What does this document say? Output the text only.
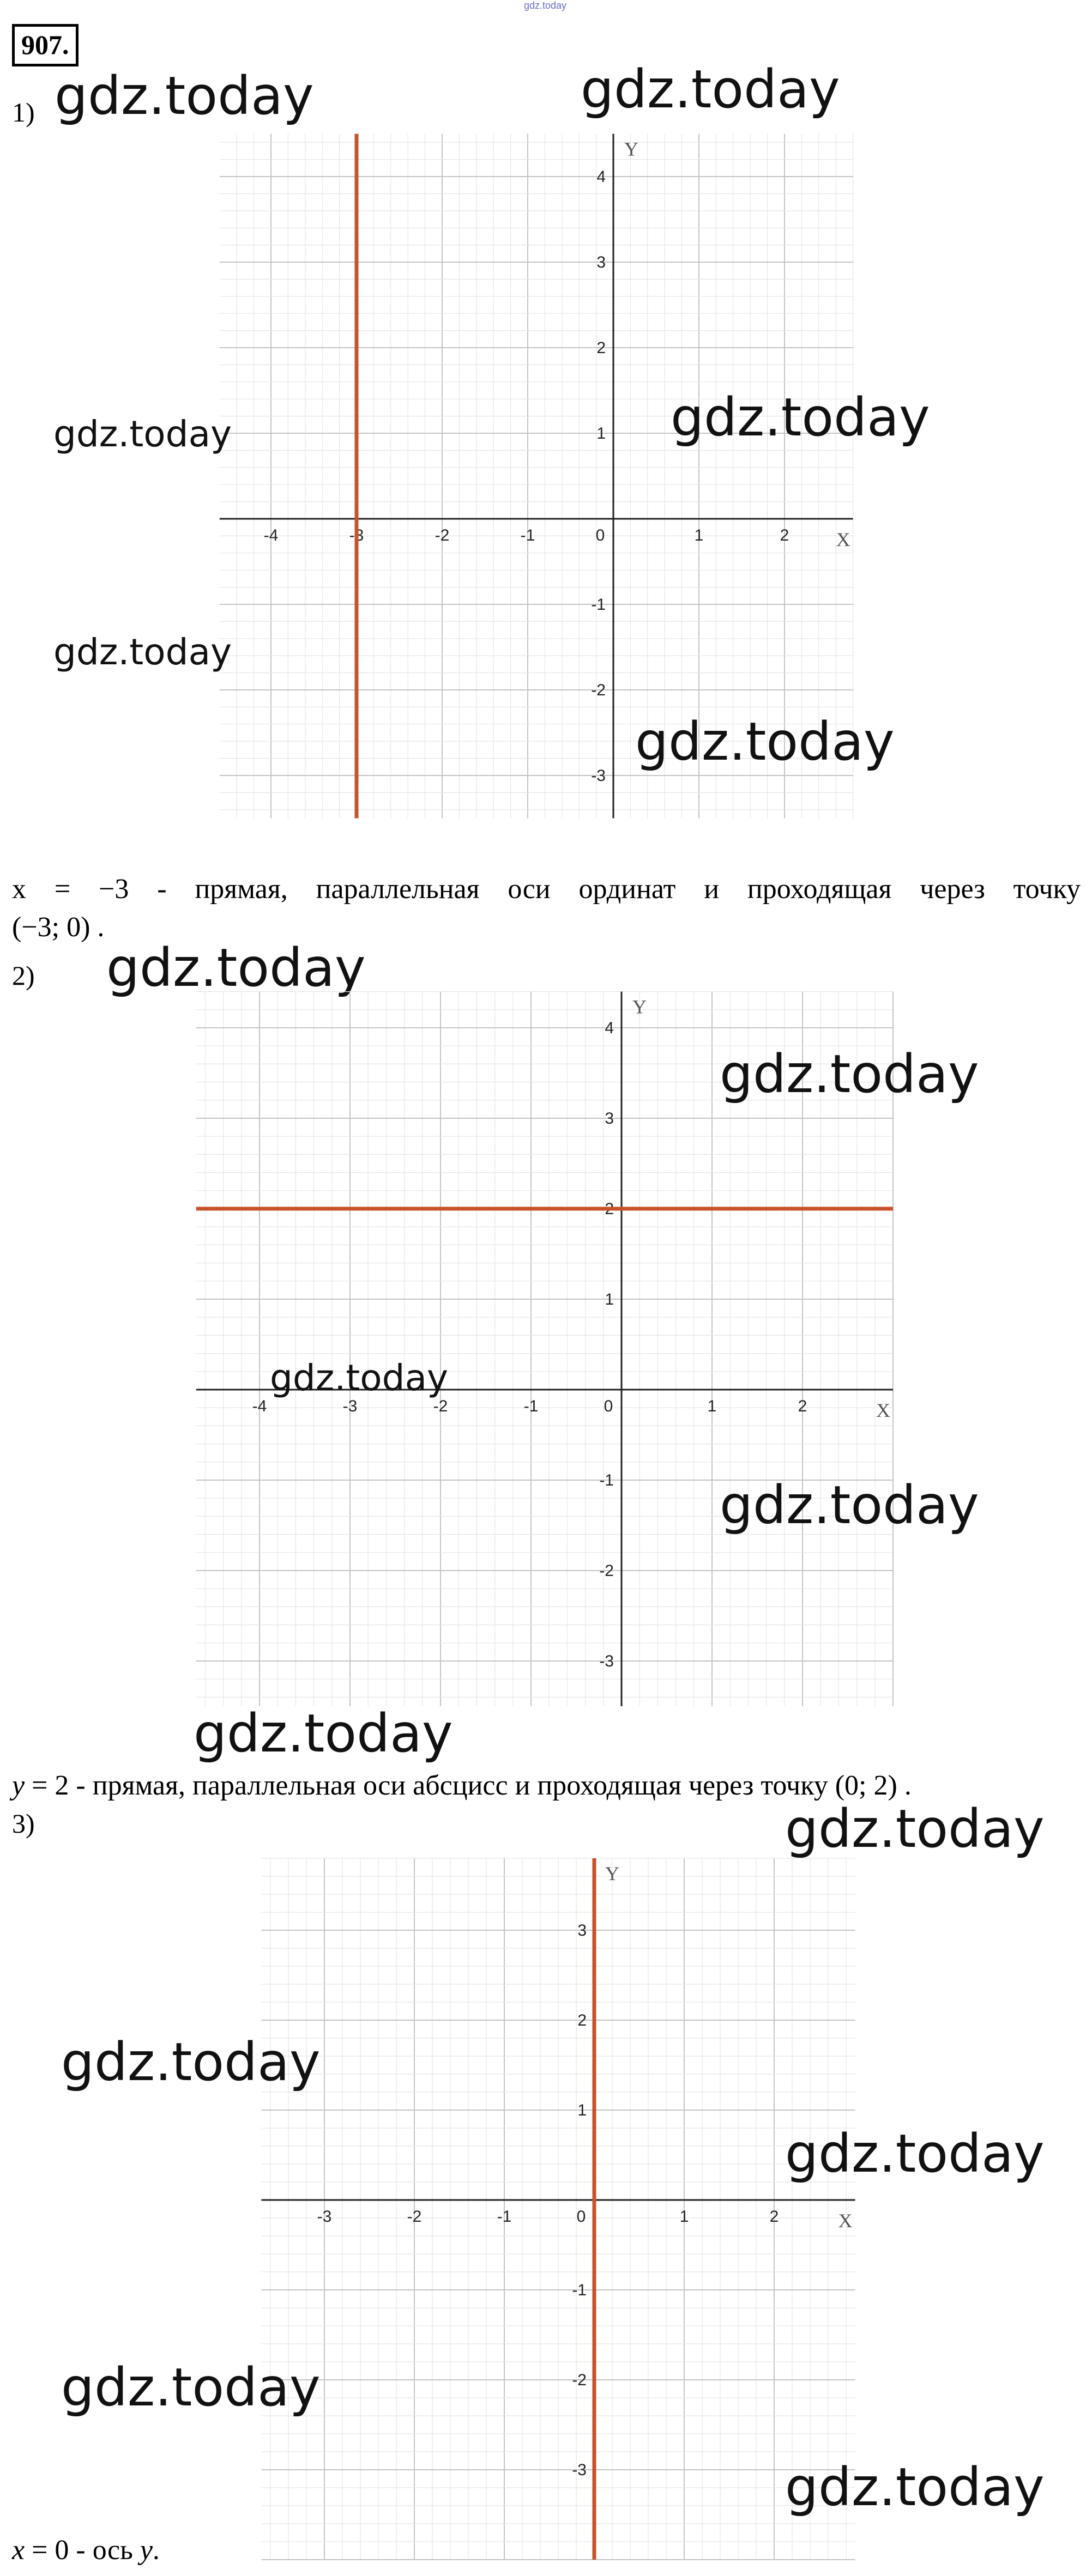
gdz.today
907.
1) gdz.today	gdz.today
-4	-3	-2	-1	0	1	2
-3
-2
-1
1
2
3
4
X
Y
gdz.today
gdz.today
gdz.today
gdz.today
x = −3 - прямая, параллельная оси ординат и проходящая через точку
(−3; 0) .
2) gdz.today
-4	-3	-2	-1	0	1	2
-3
-2
-1
1
2
3
4
X
Y
gdz.today
gdz.today
gdz.today
gdz.today
y = 2 - прямая, параллельная оси абсцисс и проходящая через точку (0; 2) .
3)	gdz.today
-3	-2	-1	0	1	2
-3
-2
-1
1
2
3
X
Y
gdz.today
gdz.today
gdz.today
gdz.today
x = 0 - ось y.
